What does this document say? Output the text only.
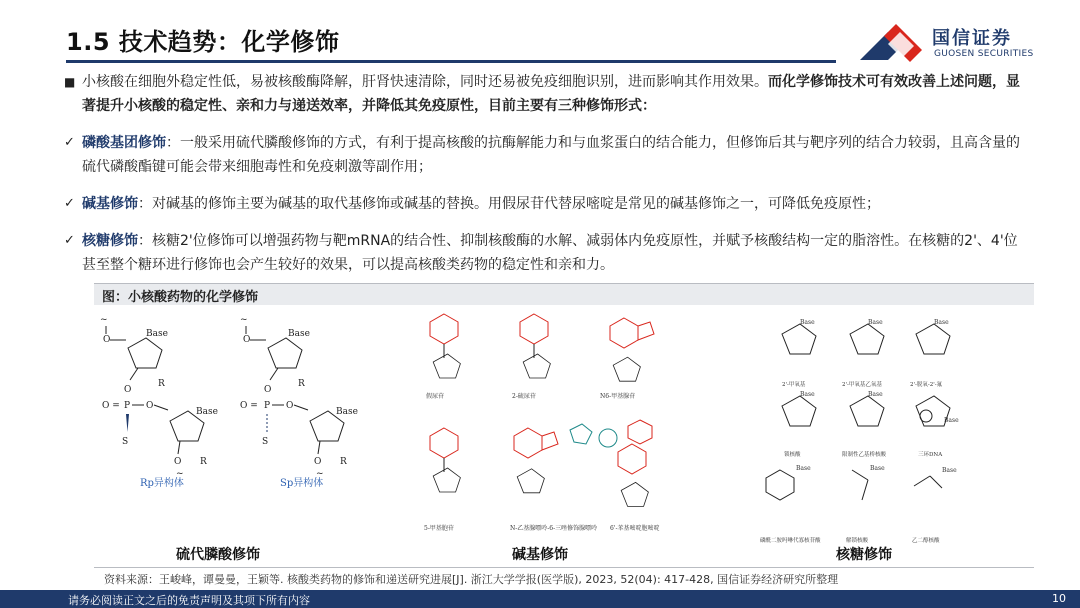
1.5 技术趋势：化学修饰	国信证券
GUOSEN SECURITIES
■ 小核酸在细胞外稳定性低，易被核酸酶降解，肝肾快速清除，同时还易被免疫细胞识别，进而影响其作用效果。而化学修饰技术可有效改善上述问题，显著提升小核酸的稳定性、亲和力与递送效率，并降低其免疫原性，目前主要有三种修饰形式：
✓ 磷酸基团修饰：一般采用硫代膦酸修饰的方式，有利于提高核酸的抗酶解能力和与血浆蛋白的结合能力，但修饰后其与靶序列的结合力较弱，且高含量的硫代磷酸酯键可能会带来细胞毒性和免疫刺激等副作用；
✓ 碱基修饰：对碱基的修饰主要为碱基的取代基修饰或碱基的替换。用假尿苷代替尿嘧啶是常见的碱基修饰之一，可降低免疫原性；
✓ 核糖修饰：核糖2'位修饰可以增强药物与靶mRNA的结合性、抑制核酸酶的水解、减弱体内免疫原性，并赋予核酸结构一定的脂溶性。在核糖的2'、4'位甚至整个糖环进行修饰也会产生较好的效果，可以提高核酸类药物的稳定性和亲和力。
图：小核酸药物的化学修饰
~
O
Base
R
O
O = P O
S
Base
O R
~
Rp异构体
~
O
Base
R
O
O = P O
S
Base
O R
~
Sp异构体
假尿苷	2-硫尿苷	N6-甲基腺苷
5-甲基胞苷	N-乙基腺嘌呤-6-三唑修饰腺嘌呤 6'-苯基嘧啶胞嘧啶
Base
2'-甲氧基
Base
2'-甲氧基乙氧基
Base
2'-脱氧-2'-氟
Base
锁核酸
Base
限制性乙基桥核酸
Base
三环DNA
Base
磷酰二胺吗啉代寡核苷酸
Base
解锁核酸
Base
乙二醇核酸
硫代膦酸修饰	碱基修饰	核糖修饰
资料来源：王峻峰，谭曼曼，王颖等. 核酸类药物的修饰和递送研究进展[J]. 浙江大学学报(医学版), 2023, 52(04): 417-428, 国信证券经济研究所整理
请务必阅读正文之后的免责声明及其项下所有内容	10
